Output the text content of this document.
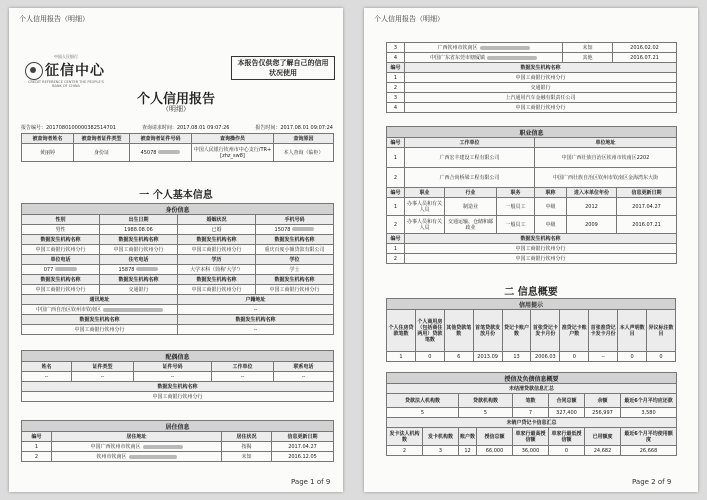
个人信用报告（明细）
中国人民银行
征信中心
CREDIT REFERENCE CENTER THE PEOPLE'S BANK OF CHINA
本报告仅供您了解自己的信用状况使用
个人信用报告
（明细）
报告编号：2017080100000382514701	查询请求时间：2017.08.01 09:07:26	报告时间：2017.08.01 09:07:24
被查询者姓名	被查询者证件类型	被查询者证件号码	查询操作员	查询原因
黄丽婷	身份证	45078	中国人民银行钦州市中心支行/TR+[zhz_sw8]	本人查询（临柜）
一 个人基本信息
身份信息			
性别	出生日期	婚姻状况	手机号码
男性	1988.08.06	已婚	15078
数据发生机构名称	数据发生机构名称	数据发生机构名称	数据发生机构名称
中国工商银行钦州分行	中国工商银行钦州分行	中国工商银行钦州分行	重庆百度小额贷款有限公司
单位电话	住宅电话	学历	学位
077	15878	大学本科（简称'大学'）	学士
数据发生机构名称	数据发生机构名称	数据发生机构名称	数据发生机构名称
中国工商银行钦州分行	交通银行	中国工商银行钦州分行	中国工商银行钦州分行
通讯地址		户籍地址	
中国广西自治区钦州市钦南区		--	
数据发生机构名称		数据发生机构名称	
中国工商银行钦州分行		--	
配偶信息				
姓名	证件类型	证件号码	工作单位	联系电话
--	--	--	--	--
数据发生机构名称				
中国工商银行钦州分行				
居住信息			
编号	居住地址	居住状况	信息更新日期
1	中国广西钦州市钦南区	按揭	2017.04.27
2	钦州市钦南区	未知	2016.12.05
Page 1 of 9
个人信用报告（明细）
3	广西钦州市钦南区	未知	2016.02.02
4	中国广东省东莞市塘厦镇	其他	2016.07.21
编号	数据发生机构名称		
1	中国工商银行钦州分行		
2	交通银行		
3	上汽通用汽车金融有限责任公司		
4	中国工商银行钦州分行		
职业信息						
编号	工作单位			单位地址		
1	广西宏丰建设工程有限公司			中国广西壮族自治区钦州市钦南区2202		
2	广西合尚桥梁工程有限公司			中国广西壮族自治区钦州市钦南区金海湾东大街		
编号	职业	行业	职务	职称	进入本单位年份	信息更新日期
1	办事人员和有关人员	制造业	一般员工	中级	2012	2017.04.27
2	办事人员和有关人员	交通运输、仓储和邮政业	一般员工	中级	2009	2016.07.21
编号	数据发生机构名称					
1	中国工商银行钦州分行					
2	中国工商银行钦州分行					
二 信息概要
信用提示									
个人住房贷款笔数	个人商用房（包括商住两用）贷款笔数	其他贷款笔数	首笔贷款发放月份	贷记卡账户数	首张贷记卡发卡月份	准贷记卡账户数	首张准贷记卡发卡月份	本人声明数目	异议标注数目
1	0	6	2013.09	13	2006.03	0	--	0	0
授信及负债信息概要							
未结清贷款信息汇总							
贷款法人机构数		贷款机构数		笔数	合同总额	余额	最近6个月平均应还款
5		5		7	327,400	256,997	3,580
未销户贷记卡信息汇总							
发卡法人机构数	发卡机构数	账户数	授信总额	单家行最高授信额	单家行最低授信额	已用额度	最近6个月平均使用额度
2	3	12	66,000	36,000	0	24,682	26,668
Page 2 of 9
